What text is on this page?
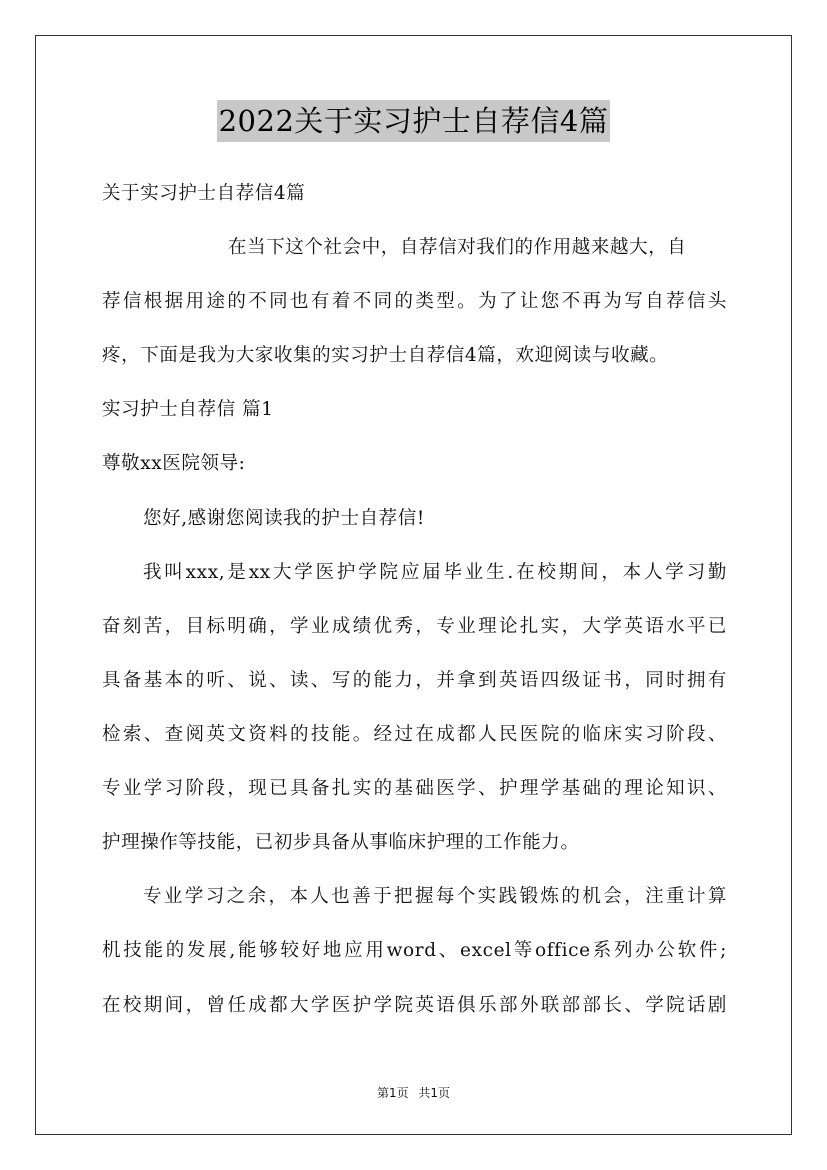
2022关于实习护士自荐信4篇
关于实习护士自荐信4篇
在当下这个社会中，自荐信对我们的作用越来越大，自
荐信根据用途的不同也有着不同的类型。为了让您不再为写自荐信头
疼，下面是我为大家收集的实习护士自荐信4篇，欢迎阅读与收藏。
实习护士自荐信 篇1
尊敬xx医院领导:
您好,感谢您阅读我的护士自荐信!
我叫xxx,是xx大学医护学院应届毕业生.在校期间，本人学习勤
奋刻苦，目标明确，学业成绩优秀，专业理论扎实，大学英语水平已
具备基本的听、说、读、写的能力，并拿到英语四级证书，同时拥有
检索、查阅英文资料的技能。经过在成都人民医院的临床实习阶段、
专业学习阶段，现已具备扎实的基础医学、护理学基础的理论知识、
护理操作等技能，已初步具备从事临床护理的工作能力。
专业学习之余，本人也善于把握每个实践锻炼的机会，注重计算
机技能的发展,能够较好地应用word、excel等office系列办公软件;
在校期间，曾任成都大学医护学院英语俱乐部外联部部长、学院话剧
第1页 共1页
